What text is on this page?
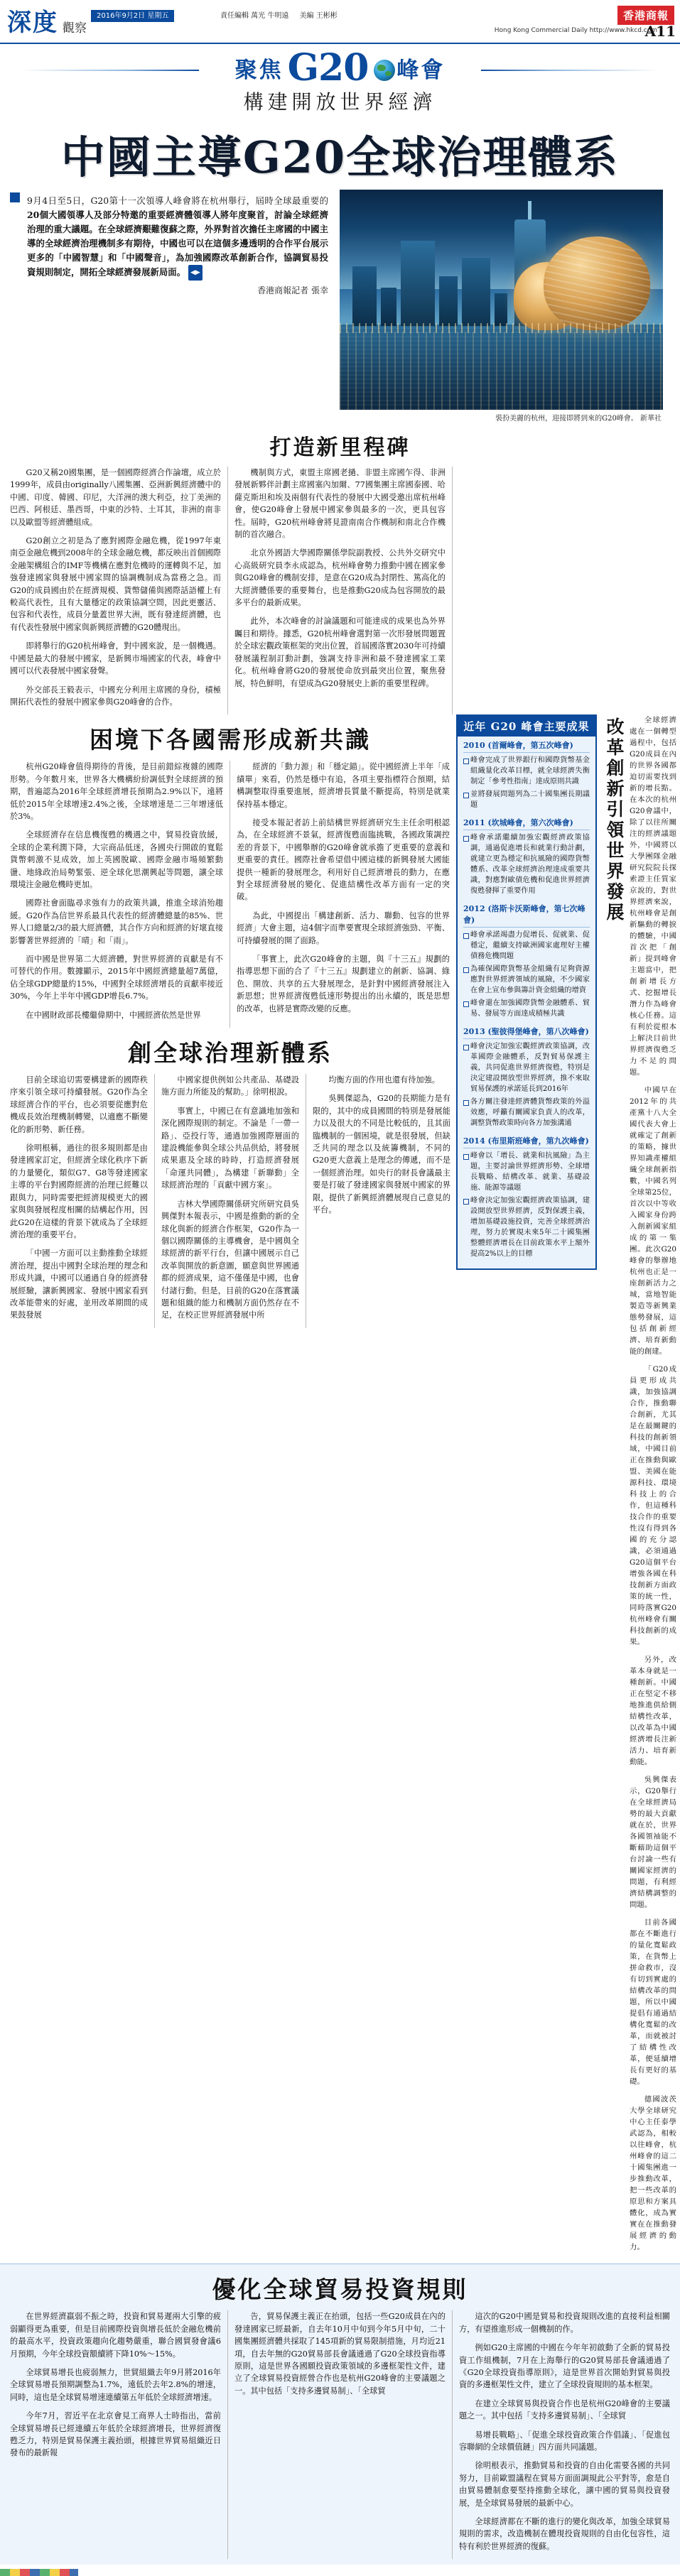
深度 觀察
2016年9月2日 星期五	責任編輯 萬光 牛明遠 美編 王彬彬	香港商報
Hong Kong Commercial Daily http://www.hkcd.com
A11
聚焦 G20 峰會
構建開放世界經濟
中國主導G20全球治理體系
9月4日至5日，G20第十一次領導人峰會將在杭州舉行，屆時全球最重要的20個大國領導人及部分特邀的重要經濟體領導人將年度聚首，討論全球經濟治理的重大議題。在全球經濟艱難復蘇之際，外界對首次擔任主席國的中國主導的全球經濟治理機制多有期待，中國也可以在這個多邊透明的合作平台展示更多的「中國智慧」和「中國聲音」，為加強國際改革創新合作，協調貿易投資規則制定，開拓全球經濟發展新局面。 ◀▶
香港商報記者 張幸
裝扮美麗的杭州，迎接即將到來的G20峰會。 新華社
打造新里程碑

G20又稱20國集團，是一個國際經濟合作論壇，成立於1999年，成員由originally八國集團、亞洲新興經濟體中的中國、印度、韓國、印尼，大洋洲的澳大利亞，拉丁美洲的巴西、阿根廷、墨西哥，中東的沙特、土耳其，非洲的南非以及歐盟等經濟體組成。

G20創立之初是為了應對國際金融危機，從1997年東南亞金融危機到2008年的全球金融危機，都反映出首個國際金融架構組合的IMF等機構在應對危機時的運轉與不足，加強發達國家與發展中國家間的協調機制成為當務之急。而G20的成員國由於在經濟規模、貨幣儲備與國際話語權上有較高代表性，且有大量穩定的政策協調空間，因此更靈活、包容和代表性，成員分量蓋世界大洲，既有發達經濟體，也有代表性發展中國家與新興經濟體的G20體現出。

即將舉行的G20杭州峰會，對中國來說，是一個機遇。中國是最大的發展中國家，是新興市場國家的代表，峰會中國可以代表發展中國家發聲。

外交部長王毅表示，中國充分利用主席國的身份，積極開拓代表性的發展中國家參與G20峰會的合作。

機制與方式，東盟主席國老撾、非盟主席國乍得、非洲發展新夥伴計劃主席國塞內加爾、77國集團主席國泰國、哈薩克斯坦和埃及兩個有代表性的發展中大國受邀出席杭州峰會，使G20峰會上發展中國家參與最多的一次，更具包容性。屆時，G20杭州峰會將見證南南合作機制和南北合作機制的首次融合。

北京外國語大學國際關係學院副教授、公共外交研究中心高級研究員李永成認為，杭州峰會勢力推動中國在國家參與G20峰會的機制安排，是意在G20成為封閉性、篤高化的大經濟體係要的重要舞台，也是推動G20成為包容開放的最多平台的最新成果。

此外，本次峰會的討論議題和可能達成的成果也為外界矚目和期待。據悉，G20杭州峰會選對第一次形發展問題置於全球宏觀政策框架的突出位置，首屆國落實2030年可持續發展議程制訂動計劃，強調支持非洲和最不發達國家工業化。杭州峰會將G20的發展使命放到最突出位置，聚焦發展，特色鮮明，有望成為G20發展史上新的重要里程碑。

困境下各國需形成新共識

杭州G20峰會值得期待的背後，是目前錯綜複雜的國際形勢。今年數月來，世界各大機構紛紛調低對全球經濟的預期，普遍認為2016年全球經濟增長預期為2.9%以下，遠將低於2015年全球增速2.4%之後，全球增速是二三年增速低於3%。

全球經濟存在信息機復甦的機遇之中，貿易投資放緩，全球的企業利潤下降，大宗商品低迷，各國央行開啟的寬鬆貨幣刺激不見成效，加上英國脫歐、國際金融市場頻繁動盪、地緣政治局勢緊張、逆全球化思潮興起等問題，讓全球環境注金融危機時更加。

國際社會面臨尋求強有力的政策共識，推進全球消殆趨緩。G20作為信世界系最具代表性的經濟體總量的85%、世界人口總量2/3的最大經濟體，其合作方向和經濟的好壞直接影響著世界經濟的「晴」和「雨」。

而中國是世界第二大經濟體，對世界經濟的貢獻是有不可替代的作用。數據顯示，2015年中國經濟總量超7萬億，佔全球GDP總量約15%，中國對全球經濟增長的貢獻率接近30%，今年上半年中國GDP增長6.7%。

在中國財政部長樓繼偉期中，中國經濟依然是世界

經濟的「動力源」和「穩定錨」。從中國經濟上半年「成績單」來看，仍然是穩中有追，各項主要指標符合預期，結構調整取得重要進展，經濟增長質量不斷提高，特別是就業保持基本穩定。

接受本報記者訪上前結構世界經濟研究生主任余明根認為，在全球經濟不景氣，經濟復甦面臨挑戰，各國政策調控差的背景下，中國舉辦的G20峰會就承擔了更重要的意義和更重要的責任。國際社會希望借中國這樣的新興發展大國能提供一種新的發展理念，利用好自己經濟增長的動力，在應對全球經濟發展的變化、促進結構性改革方面有一定的突破。

為此，中國提出「構建創新、活力、聯動、包容的世界經濟」大會主題，這4個字而準要實現全球經濟強勁、平衡、可持續發展的開了面路。

「事實上，此次G20峰會的主題，與『十三五』規劃的指導思想下面的合了『十三五』規劃建立的創新、協調、綠色、開放、共享的五大發展理念，是針對中國經濟發展注入新思想；世界經濟復甦低速形勢提出的出永續的，既是思想的改革，也將是實際改變的反應。

創全球治理新體系

目前全球追切需要構建新的國際秩序來引領全球可持續發展。G20作為全球經濟合作的平台，也必須要從應對危機成長效治理機制轉變，以適應不斷變化的新形勢、新任務。

徐明根稱，過往的很多規則都是由發達國家訂定，但經濟全球化秩序下新的力量變化，類似G7、G8等發達國家主導的平台對國際經濟的治理已經難以跟與力，同時需要把經濟規模更大的國家與與發展程度相關的結構起作用，因此G20在這樣的背景下就成為了全球經濟治理的重要平台。

「中國一方面可以主動推動全球經濟治理，提出中國對全球治理的理念和形成共識，中國可以通過自身的經濟發展經驗，讓新興國家、發展中國家看到改革能帶來的好處，並用改革期間的成果鼓發展

中國家提供例如公共產品、基礎設施方面力所能及的幫助。」徐明根說。

事實上，中國已在有意識地加強和深化國際規則的制定。不論是「一帶一路」、亞投行等，通過加強國際層面的建設機能參與全球公共品供給，將發展成果惠及全球的時時，打造經濟發展「命運共同體」，為構建「新聯動」全球經濟治理的「貢獻中國方案」。

吉林大學國際關係研究所研究員吳興傑對本報表示，中國是推動的新的全球化與新的經濟合作框架，G20作為一個以國際關係的主導機會，是中國與全球經濟的新平行台，但讓中國展示自己改革與開放的新意圖，願意與世界國通都的經濟成果，這不僅僅是中國，也會付諸行動。但是，目前的G20在落實議題和組織的能力和機制方面仍然存在不足，在校正世界經濟發展中所

均衡方面的作用也還有待加強。

吳興傑認為，G20的長期能力是有限的，其中的成員國間的特別是發展能力以及很大的不同是比較低的，且其面臨機制的一個困境，就是很發展，但缺乏共同的理念以及統籌機制，不同的G20更大意義上是理念的傳遞，而不是一個經濟治理。如央行的財長會議最主要是打破了發達國家與發展中國家的界限，提供了新興經濟體展現自己意見的平台。

近年 G20 峰會主要成果
2010 (首爾峰會，第五次峰會)
峰會完成了世界銀行和國際貨幣基金組織量化改革目標，就全球經濟失衡制定「參考性指南」達成原則共識
並將發展問題列為二十國集團長期議題
2011 (坎城峰會，第六次峰會)
峰會承諾繼續加強宏觀經濟政策協調，通過促進增長和就業行動計劃，就建立更為穩定和抗風險的國際貨幣體系、改革全球經濟治理達成重要共識，對應對歐債危機和促進世界經濟復甦發揮了重要作用
2012 (洛斯卡沃斯峰會，第七次峰會)
峰會承諾竭盡力促增長、促就業、促穩定，繼續支持歐洲國家處理好主權債務危機問題
為確保國際貨幣基金組織有足夠資源應對世界經濟領域的風險，不少國家在會上宣布參與籌計資金組織的增資
峰會還在加強國際貨幣金融體系、貿易、發展等方面達成積極共識
2013 (聖彼得堡峰會，第八次峰會)
峰會決定加強宏觀經濟政策協調，改革國際金融體系，反對貿易保護主義，共同促進世界經濟復甦，特別是決定建設開放型世界經濟，推不來取貿易保護的承諾延長到2016年
各方關注發達經濟體貨幣政策的外溢效應，呼籲有關國家負責人的改革，調整貨幣政策時向各方加強溝通
2014 (布里斯班峰會，第九次峰會)
峰會以「增長、就業和抗風險」為主題，主要討論世界經濟形勢、全球增長戰略、結構改革、就業、基礎設施、能源等議題
峰會決定加強宏觀經濟政策協調，建設開放型世界經濟，反對保護主義，增加基礎設施投資，完善全球經濟治理，努力於實現未來5年二十國集團整體經濟增長在目前政策水平上額外提高2%以上的目標
改革創新引領世界發展	全球經濟處在一個轉型過程中，包括G20成員在內的世界各國都迫切需要找到新的增長點。在本次的杭州G20會議中，除了以往所關注的經濟議題外，中國將以大學團隊金融研究院院長探索證主任質家京說的，對世界經濟來說，杭州峰會是創新驅動的轉捩的體驗，中國首次把「創新」提到峰會主題當中，把創新增長方式、挖掘增長潛力作為峰會核心任務。這有利於從根本上解決目前世界經濟復甦乏力不足的問題。

中國早在2012年的共產黨十八大全國代表大會上就確定了創新的策略，據世界知識產權組織全球創新指數，中國名列全球第25位，首次以中等收入國家身份跨入創新國家組成的第一集團。此次G20峰會的舉辦地杭州也正是一座創新活力之城，當地智能製造等新興業態勢發展，這包括創新經濟、培育新動能的創建。

「G20成員更形成共識，加強協調合作，推動聯合創新，尤其是在最關鍵的科技的創新領域，中國目前正在推動與歐盟、美國在能源科技、環境科技上的合作，但這種科技合作的重要性沒有得到各國的充分認識，必須通過G20這個平台增強各國在科技創新方面政策的統一性，同時落實G20杭州峰會有關科技創新的成果。

另外，改革本身就是一種創新。中國正在堅定不移地推進供給側結構性改革，以改革為中國經濟增長注新活力、培育新動能。

吳興傑表示，G20舉行在全球經濟局勢的最大貢獻就在於，世界各國領袖能不斷藉助這個平台討論一些有關國家經濟的問題，有利經濟結構調整的問題。

目前各國都在不斷進行的量化寬鬆政策，在貨幣上拼命救市，沒有切到實處的結構改革的問題，所以中國提倡有通過結構化寬鬆的改革，而就被討了結構性改革，便延續增長有更好的基礎。

德國波茨大學全球研究中心主任泰學武認為，相較以往峰會，杭州峰會的這二十國集團進一步推動改革，把一些改革的原思和方案具體化，成為實實在在推動發展經濟的動力。

優化全球貿易投資規則

在世界經濟羸弱不振之時，投資和貿易遲兩大引擎的疲弱顯得更為重要，但是目前國際投資與增長低於金融危機前的最高水平，投資政策趨向化趨勢嚴重，聯合國貿發會議6月預期，今年全球投資額續將下降10%～15%。

全球貿易增長也疲弱無力，世貿組織去年9月將2016年全球貿易增長預期調整為1.7%，遠低於去年2.8%的增速，同時，這也是全球貿易增速連續第五年低於全球經濟增速。

今年7月，習近平在北京會見工商界人士時指出，當前全球貿易增長已經連續五年低於全球經濟增長，世界經濟復甦乏力，特別是貿易保護主義抬頭，根據世界貿易組織近日發布的最新報

告，貿易保護主義正在抬頭，包括一些G20成員在內的發達國家已經最新，自去年10月中旬到今年5月中旬，二十國集團經濟體共採取了145項新的貿易限制措施，月均近21項，自去年無的G20貿易部長會議通過了G20全球投資指導原則，這是世界各國願投資政策領域的多邊框架性文件，建立了全球貿易投資經營合作也是杭州G20峰會的主要議題之一。其中包括「支持多邊貿易制」、「全球貿

這次的G20中國是貿易和投資規則改進的直接利益相關方，有望推進形成一個機制的作。

例如G20主席國的中國在今年年初啟動了全新的貿易投資工作組機制，7月在上海舉行的G20貿易部長會議通過了《G20全球投資指導原則》，這是世界首次開始對貿易與投資的多邊框架性文件，建立了全球投資規則的基本框架。

在建立全球貿易與投資合作也是杭州G20峰會的主要議題之一。其中包括「支持多邊貿易制」、「全球貿

易增長戰略」、「促進全球投資政策合作倡議」、「促進包容聯網的全球價值鏈」四方面共同議題。

徐明根表示，推動貿易和投資的自由化需要各國的共同努力，目前歐盟議程在貿易方面面調規此公平對等，愈是自由貿易體制愈要堅持推動全球化，讓中國的貿易與投資發展，是全球貿易發展的最新中心。

全球經濟都在不斷的進行的變化與改革，加強全球貿易規則的需求，改造機制在體現投資規則的自由化包容性，這特有利於世界經濟的復蘇。
